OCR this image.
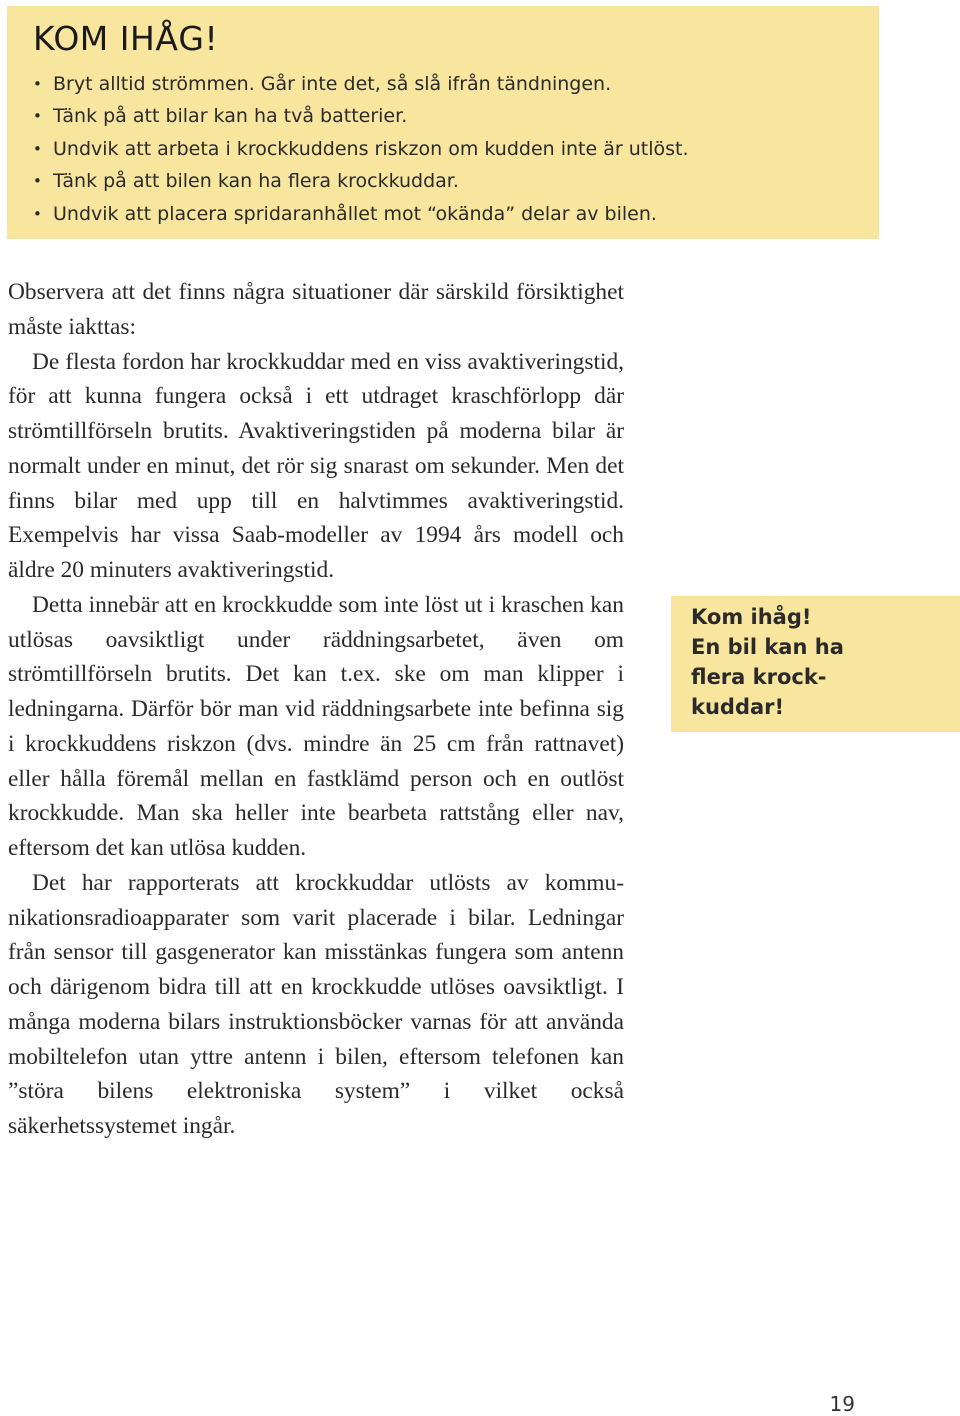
KOM IHÅG!
• Bryt alltid strömmen. Går inte det, så slå ifrån tändningen.
• Tänk på att bilar kan ha två batterier.
• Undvik att arbeta i krockkuddens riskzon om kudden inte är utlöst.
• Tänk på att bilen kan ha flera krockkuddar.
• Undvik att placera spridaranhållet mot “okända” delar av bilen.

Observera att det finns några situationer där särskild försiktighet måste iakttas:

De flesta fordon har krockkuddar med en viss avaktiveringstid, för att kunna fungera också i ett utdraget kraschförlopp där strömtillförseln brutits. Avaktiveringstiden på moderna bilar är normalt under en minut, det rör sig snarast om sekunder. Men det finns bilar med upp till en halvtimmes avaktiveringstid. Exempelvis har vissa Saab-modeller av 1994 års modell och äldre 20 minuters avaktiveringstid.

Detta innebär att en krockkudde som inte löst ut i kraschen kan utlösas oavsiktligt under räddningsarbetet, även om strömtillförseln brutits. Det kan t.ex. ske om man klipper i ledningarna. Därför bör man vid räddningsarbete inte befinna sig i krockkuddens riskzon (dvs. mindre än 25 cm från rattnavet) eller hålla föremål mellan en fastklämd person och en outlöst krockkudde. Man ska heller inte bearbeta rattstång eller nav, eftersom det kan utlösa kudden.

Det har rapporterats att krockkuddar utlösts av kommunikationsradioapparater som varit placerade i bilar. Ledningar från sensor till gasgenerator kan misstänkas fungera som antenn och därigenom bidra till att en krockkudde utlöses oavsiktligt. I många moderna bilars instruktionsböcker varnas för att använda mobiltelefon utan yttre antenn i bilen, eftersom telefonen kan ”störa bilens elektroniska system” i vilket också säkerhetssystemet ingår.

Kom ihåg!
En bil kan ha
flera krock-
kuddar!
19
